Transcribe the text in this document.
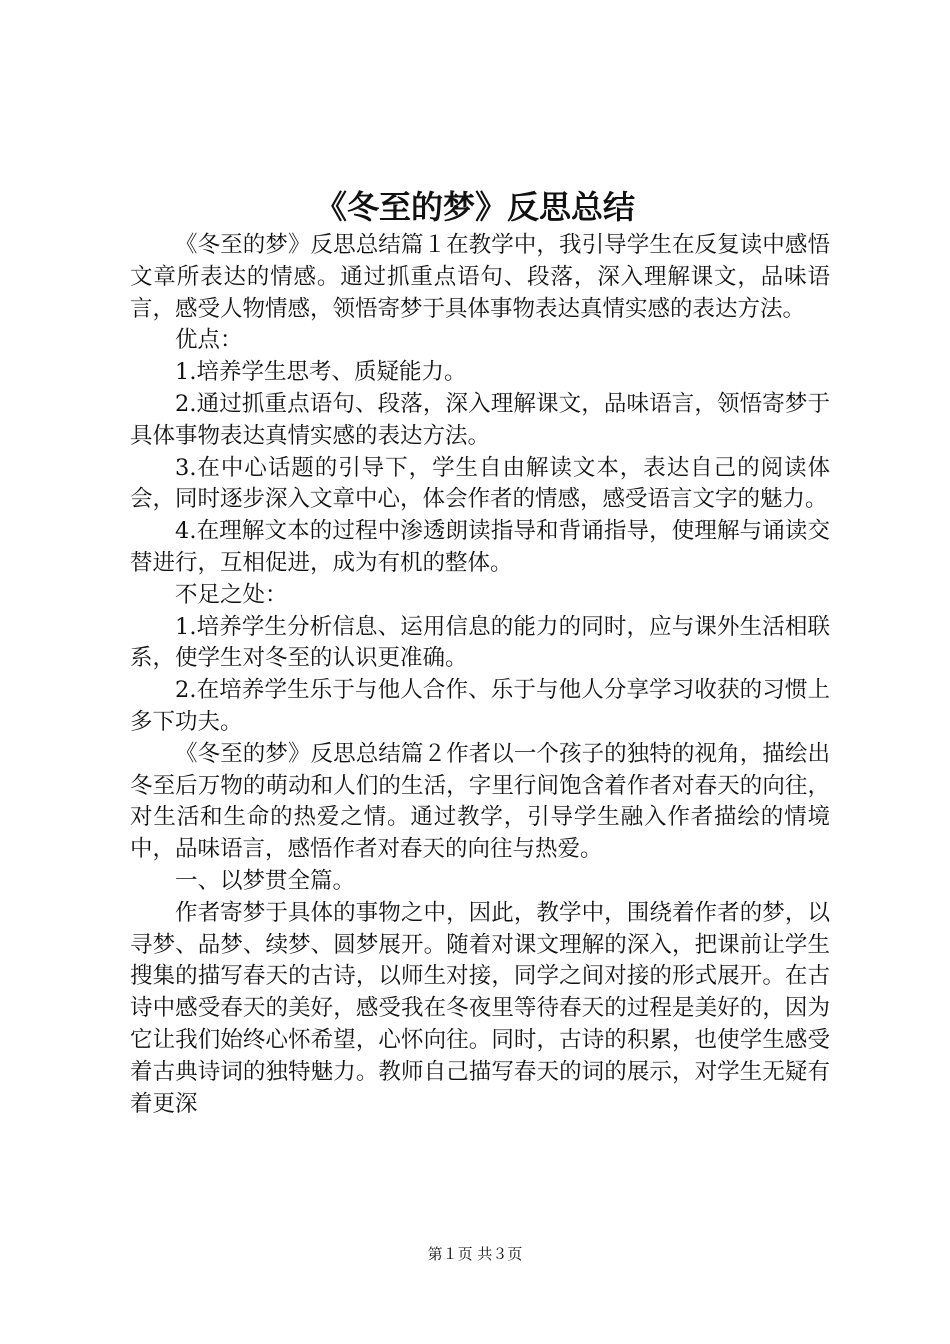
《冬至的梦》反思总结

《冬至的梦》反思总结篇１在教学中，我引导学生在反复读中感悟文章所表达的情感。通过抓重点语句、段落，深入理解课文，品味语言，感受人物情感，领悟寄梦于具体事物表达真情实感的表达方法。

优点：

1.培养学生思考、质疑能力。

2.通过抓重点语句、段落，深入理解课文，品味语言，领悟寄梦于具体事物表达真情实感的表达方法。

3.在中心话题的引导下，学生自由解读文本，表达自己的阅读体会，同时逐步深入文章中心，体会作者的情感，感受语言文字的魅力。

4.在理解文本的过程中渗透朗读指导和背诵指导，使理解与诵读交替进行，互相促进，成为有机的整体。

不足之处：

1.培养学生分析信息、运用信息的能力的同时，应与课外生活相联系，使学生对冬至的认识更准确。

2.在培养学生乐于与他人合作、乐于与他人分享学习收获的习惯上多下功夫。

《冬至的梦》反思总结篇２作者以一个孩子的独特的视角，描绘出冬至后万物的萌动和人们的生活，字里行间饱含着作者对春天的向往，对生活和生命的热爱之情。通过教学，引导学生融入作者描绘的情境中，品味语言，感悟作者对春天的向往与热爱。

一、以梦贯全篇。

作者寄梦于具体的事物之中，因此，教学中，围绕着作者的梦，以寻梦、品梦、续梦、圆梦展开。随着对课文理解的深入，把课前让学生搜集的描写春天的古诗，以师生对接，同学之间对接的形式展开。在古诗中感受春天的美好，感受我在冬夜里等待春天的过程是美好的，因为它让我们始终心怀希望，心怀向往。同时，古诗的积累，也使学生感受着古典诗词的独特魅力。教师自己描写春天的词的展示，对学生无疑有着更深

第１页 共３页
